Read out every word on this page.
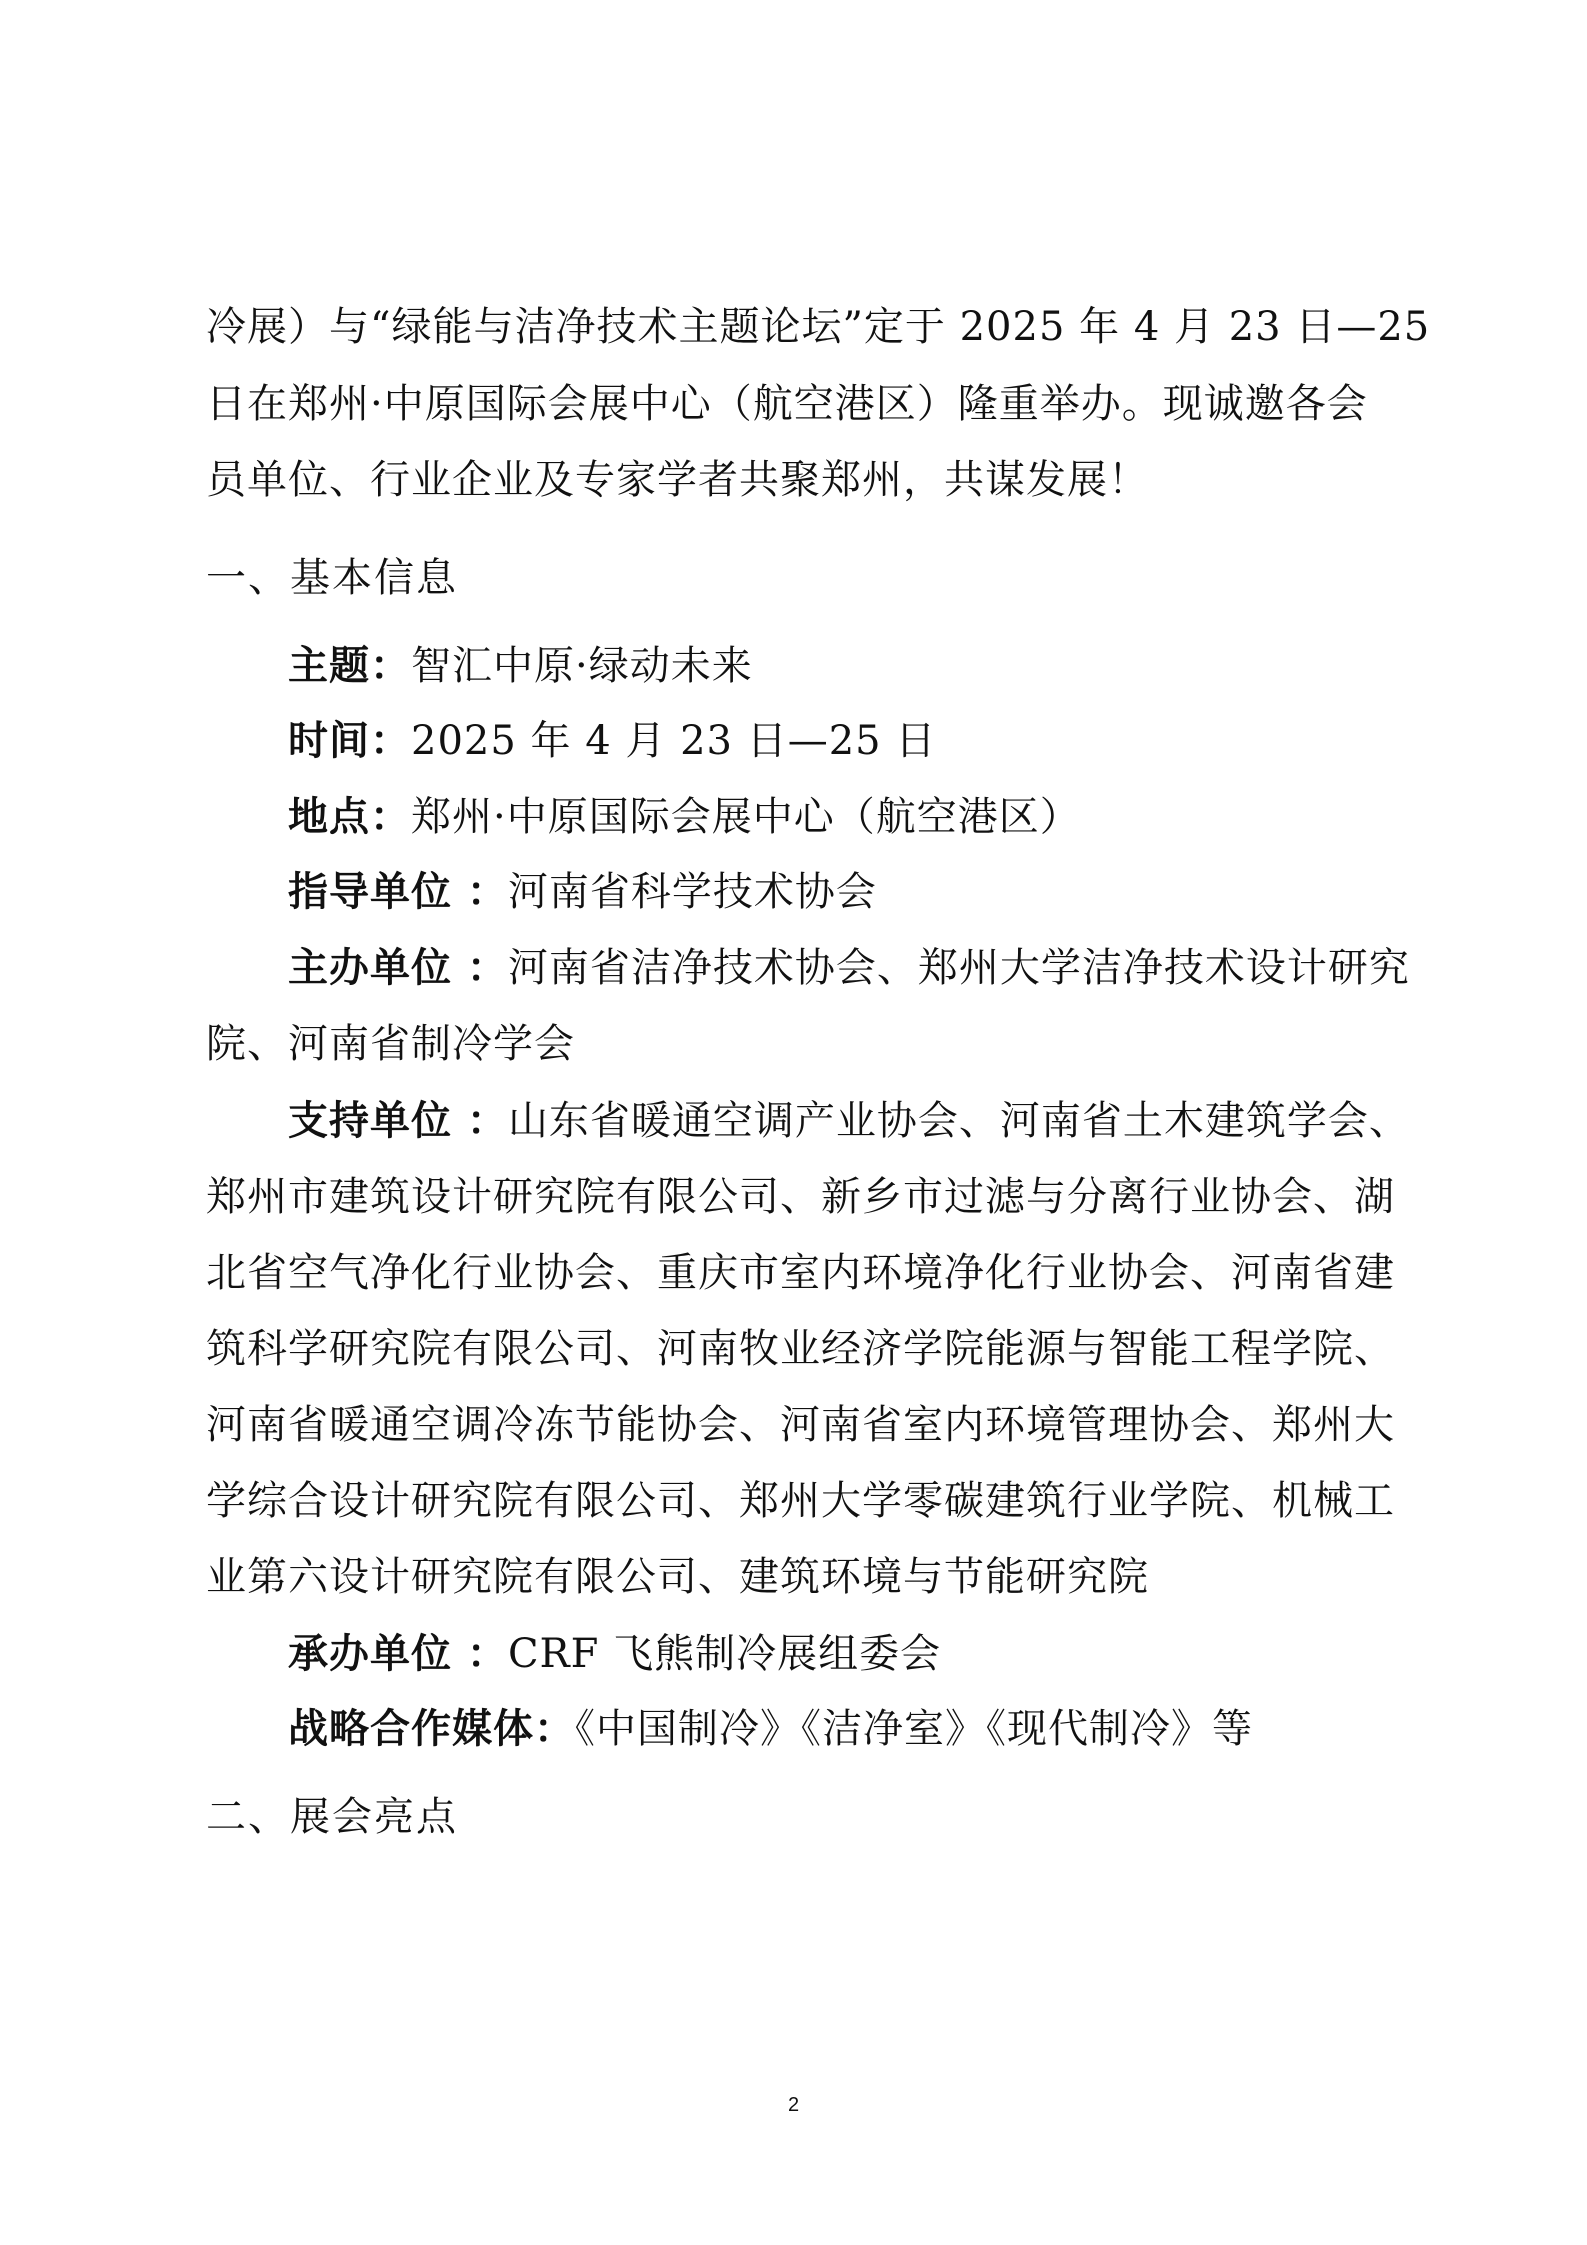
冷展）与“绿能与洁净技术主题论坛”定于 2025 年 4 月 23 日—25
日在郑州·中原国际会展中心（航空港区）隆重举办。现诚邀各会
员单位、行业企业及专家学者共聚郑州，共谋发展！
一、基本信息
主题：智汇中原·绿动未来
时间：2025 年 4 月 23 日—25 日
地点：郑州·中原国际会展中心（航空港区）
指导单位 ：河南省科学技术协会
主办单位 ：河南省洁净技术协会、郑州大学洁净技术设计研究
院、河南省制冷学会
支持单位 ：山东省暖通空调产业协会、河南省土木建筑学会、
郑州市建筑设计研究院有限公司、新乡市过滤与分离行业协会、湖
北省空气净化行业协会、重庆市室内环境净化行业协会、河南省建
筑科学研究院有限公司、河南牧业经济学院能源与智能工程学院、
河南省暖通空调冷冻节能协会、河南省室内环境管理协会、郑州大
学综合设计研究院有限公司、郑州大学零碳建筑行业学院、机械工
业第六设计研究院有限公司、建筑环境与节能研究院
承办单位 ：CRF 飞熊制冷展组委会
战略合作媒体：《中国制冷》《洁净室》《现代制冷》等
二、展会亮点
2
